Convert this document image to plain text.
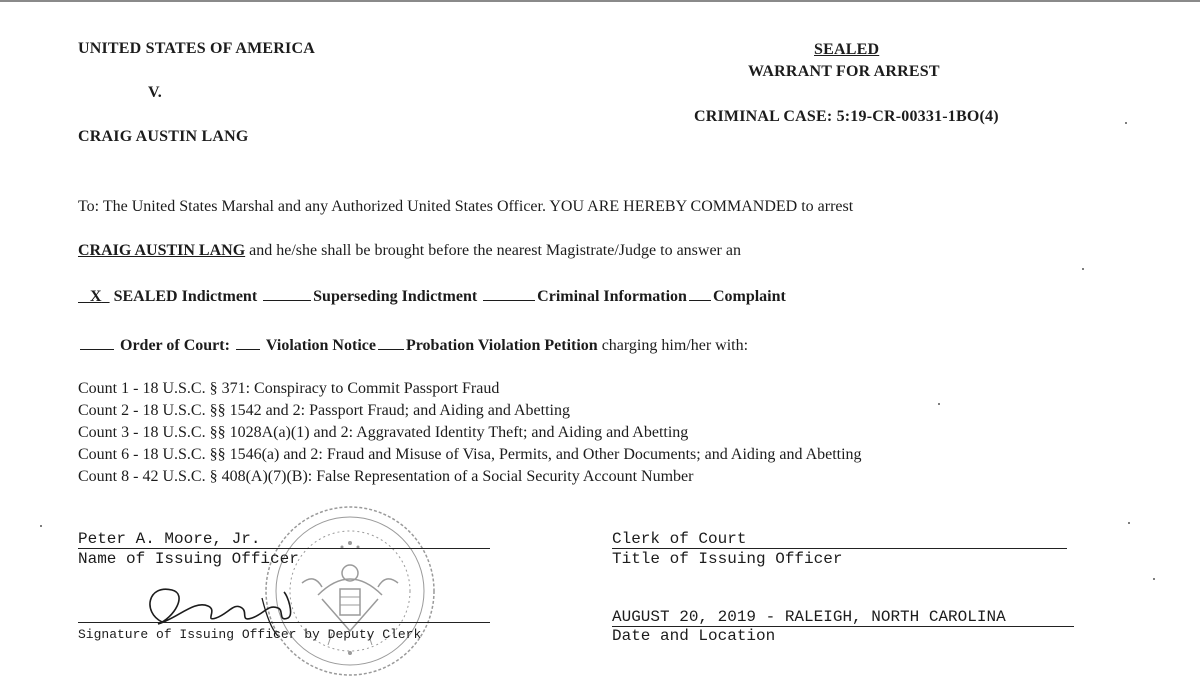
UNITED STATES OF AMERICA
V.
CRAIG AUSTIN LANG
SEALED
WARRANT FOR ARREST
CRIMINAL CASE: 5:19-CR-00331-1BO(4)
To: The United States Marshal and any Authorized United States Officer. YOU ARE HEREBY COMMANDED to arrest
CRAIG AUSTIN LANG and he/she shall be brought before the nearest Magistrate/Judge to answer an
X SEALED Indictment	Superseding Indictment	Criminal Information Complaint
Order of Court: Violation Notice Probation Violation Petition charging him/her with:
Count 1 - 18 U.S.C. § 371: Conspiracy to Commit Passport Fraud
Count 2 - 18 U.S.C. §§ 1542 and 2: Passport Fraud; and Aiding and Abetting
Count 3 - 18 U.S.C. §§ 1028A(a)(1) and 2: Aggravated Identity Theft; and Aiding and Abetting
Count 6 - 18 U.S.C. §§ 1546(a) and 2: Fraud and Misuse of Visa, Permits, and Other Documents; and Aiding and Abetting
Count 8 - 42 U.S.C. § 408(A)(7)(B): False Representation of a Social Security Account Number
Peter A. Moore, Jr.
Name of Issuing Officer
Signature of Issuing Officer by Deputy Clerk
Clerk of Court
Title of Issuing Officer
AUGUST 20, 2019 - RALEIGH, NORTH CAROLINA
Date and Location
